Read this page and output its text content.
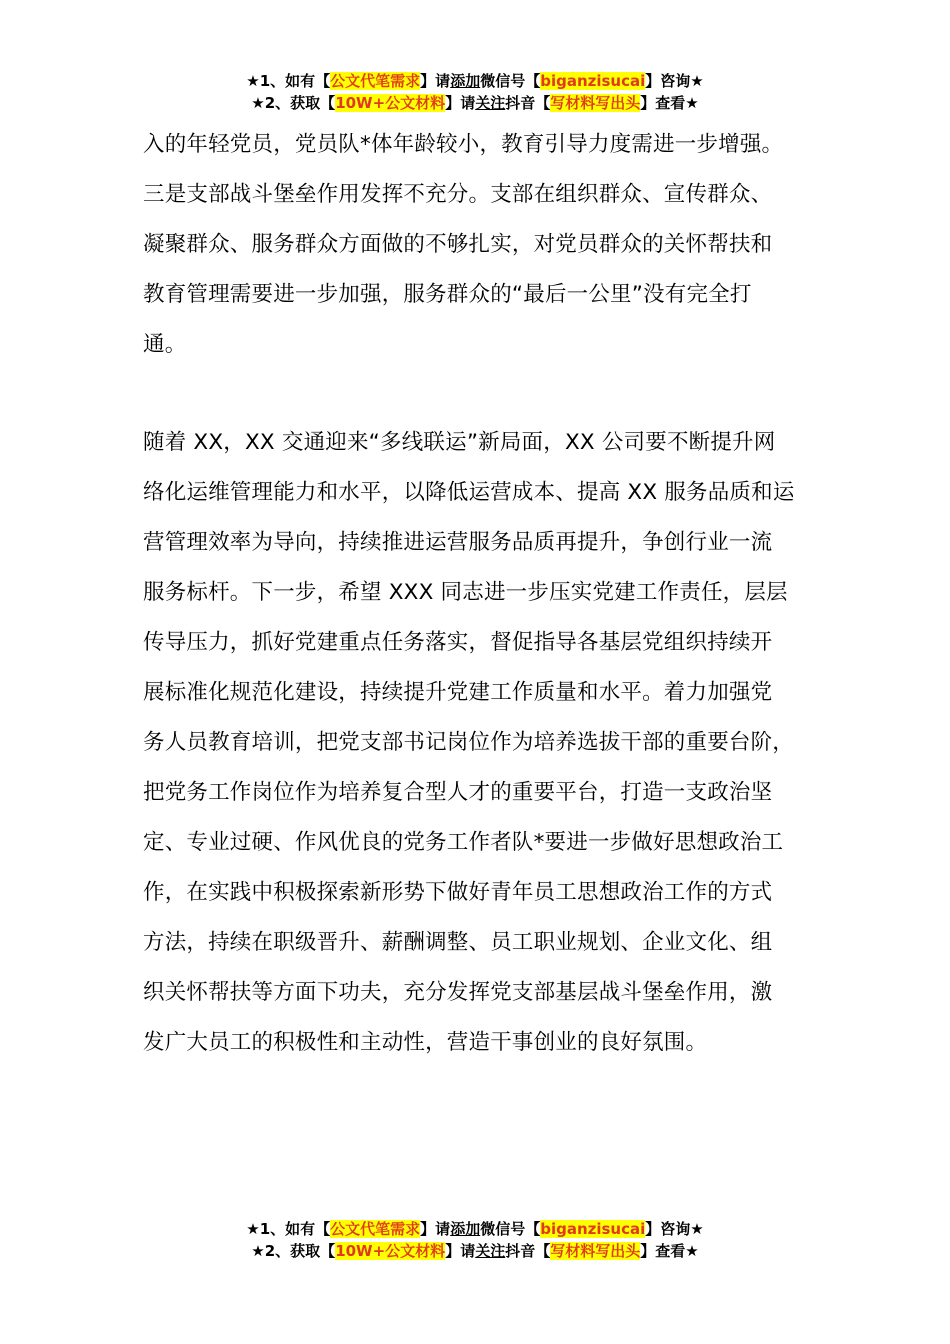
★1、如有【公文代笔需求】请添加微信号【biganzisucai】咨询★
★2、获取【10W+公文材料】请关注抖音【写材料写出头】查看★
入的年轻党员，党员队*体年龄较小，教育引导力度需进一步增强。
三是支部战斗堡垒作用发挥不充分。支部在组织群众、宣传群众、
凝聚群众、服务群众方面做的不够扎实，对党员群众的关怀帮扶和
教育管理需要进一步加强，服务群众的“最后一公里”没有完全打
通。
随着 XX，XX 交通迎来“多线联运”新局面，XX 公司要不断提升网
络化运维管理能力和水平，以降低运营成本、提高 XX 服务品质和运
营管理效率为导向，持续推进运营服务品质再提升，争创行业一流
服务标杆。下一步，希望 XXX 同志进一步压实党建工作责任，层层
传导压力，抓好党建重点任务落实，督促指导各基层党组织持续开
展标准化规范化建设，持续提升党建工作质量和水平。着力加强党
务人员教育培训，把党支部书记岗位作为培养选拔干部的重要台阶，
把党务工作岗位作为培养复合型人才的重要平台，打造一支政治坚
定、专业过硬、作风优良的党务工作者队*要进一步做好思想政治工
作，在实践中积极探索新形势下做好青年员工思想政治工作的方式
方法，持续在职级晋升、薪酬调整、员工职业规划、企业文化、组
织关怀帮扶等方面下功夫，充分发挥党支部基层战斗堡垒作用，激
发广大员工的积极性和主动性，营造干事创业的良好氛围。
★1、如有【公文代笔需求】请添加微信号【biganzisucai】咨询★
★2、获取【10W+公文材料】请关注抖音【写材料写出头】查看★
